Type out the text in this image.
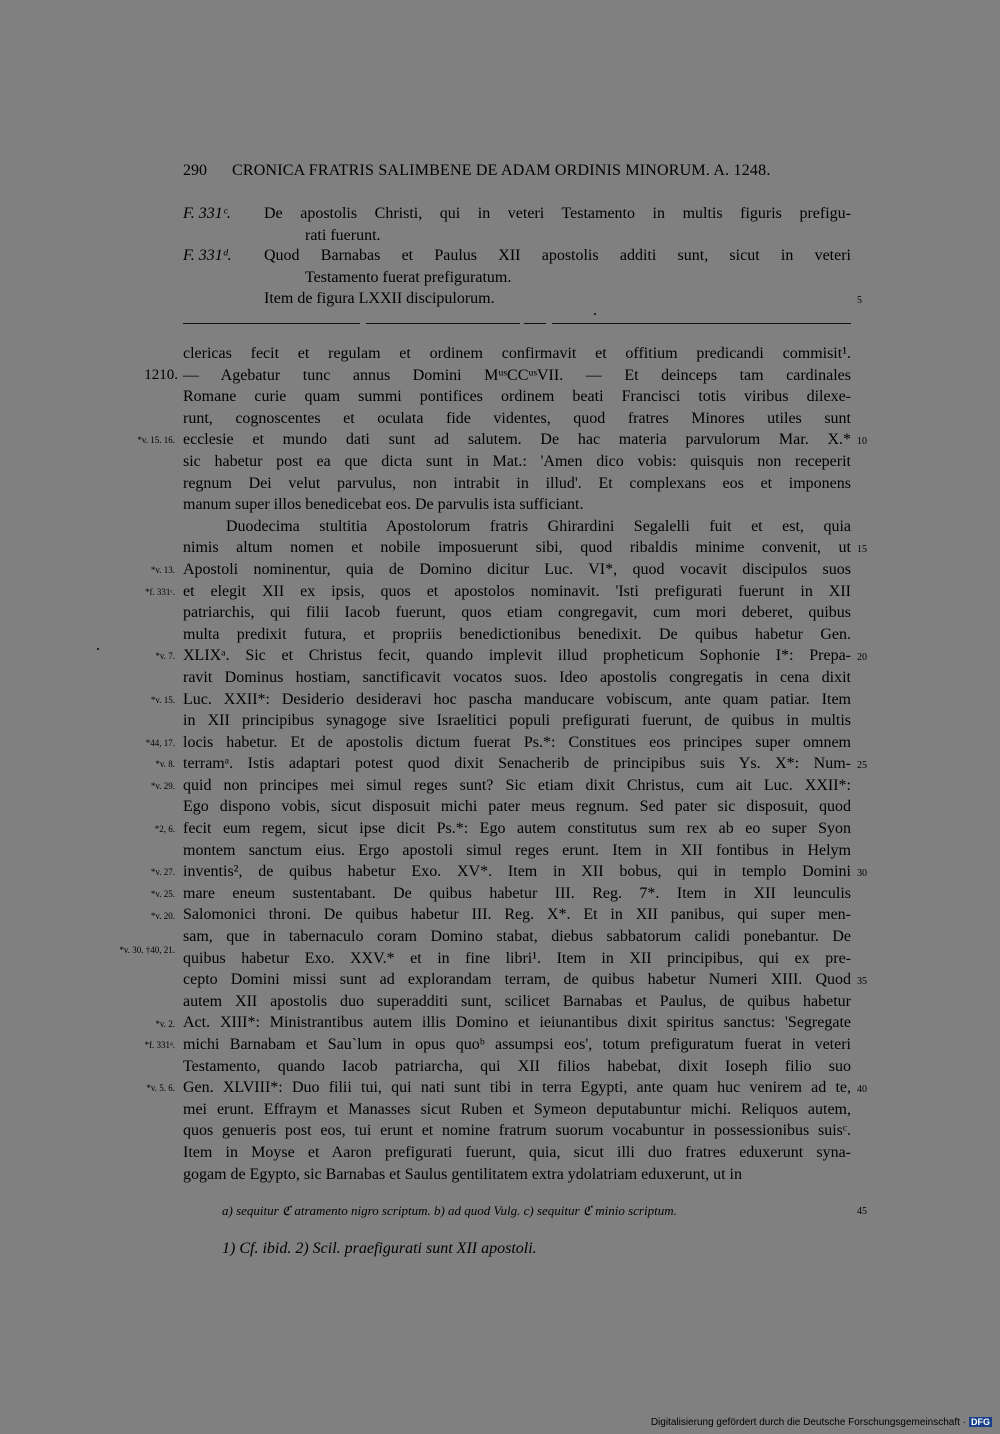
290 CRONICA FRATRIS SALIMBENE DE ADAM ORDINIS MINORUM. A. 1248.
F. 331ᶜ. De apostolis Christi, qui in veteri Testamento in multis figuris prefigu-
rati fuerunt.
F. 331ᵈ. Quod Barnabas et Paulus XII apostolis additi sunt, sicut in veteri
Testamento fuerat prefiguratum.
Item de figura LXXII discipulorum.	5
clericas fecit et regulam et ordinem confirmavit et offitium predicandi commisit¹.
— Agebatur tunc annus Domini MᵘˢCCᵘˢVII. — Et deinceps tam cardinales
Romane curie quam summi pontifices ordinem beati Francisci totis viribus dilexe-
runt, cognoscentes et oculata fide videntes, quod fratres Minores utiles sunt
ecclesie et mundo dati sunt ad salutem. De hac materia parvulorum Mar. X.*
sic habetur post ea que dicta sunt in Mat.: 'Amen dico vobis: quisquis non receperit
regnum Dei velut parvulus, non intrabit in illud'. Et complexans eos et imponens
manum super illos benedicebat eos. De parvulis ista sufficiant.
Duodecima stultitia Apostolorum fratris Ghirardini Segalelli fuit et est, quia
nimis altum nomen et nobile imposuerunt sibi, quod ribaldis minime convenit, ut
Apostoli nominentur, quia de Domino dicitur Luc. VI*, quod vocavit discipulos suos
et elegit XII ex ipsis, quos et apostolos nominavit. 'Isti prefigurati fuerunt in XII
patriarchis, qui filii Iacob fuerunt, quos etiam congregavit, cum mori deberet, quibus
multa predixit futura, et propriis benedictionibus benedixit. De quibus habetur Gen.
XLIXᵃ. Sic et Christus fecit, quando implevit illud propheticum Sophonie I*: Prepa-
ravit Dominus hostiam, sanctificavit vocatos suos. Ideo apostolis congregatis in cena dixit
Luc. XXII*: Desiderio desideravi hoc pascha manducare vobiscum, ante quam patiar. Item
in XII principibus synagoge sive Israelitici populi prefigurati fuerunt, de quibus in multis
locis habetur. Et de apostolis dictum fuerat Ps.*: Constitues eos principes super omnem
terramᵃ. Istis adaptari potest quod dixit Senacherib de principibus suis Ys. X*: Num-
quid non principes mei simul reges sunt? Sic etiam dixit Christus, cum ait Luc. XXII*:
Ego dispono vobis, sicut disposuit michi pater meus regnum. Sed pater sic disposuit, quod
fecit eum regem, sicut ipse dicit Ps.*: Ego autem constitutus sum rex ab eo super Syon
montem sanctum eius. Ergo apostoli simul reges erunt. Item in XII fontibus in Helym
inventis², de quibus habetur Exo. XV*. Item in XII bobus, qui in templo Domini
mare eneum sustentabant. De quibus habetur III. Reg. 7*. Item in XII leunculis
Salomonici throni. De quibus habetur III. Reg. X*. Et in XII panibus, qui super men-
sam, que in tabernaculo coram Domino stabat, diebus sabbatorum calidi ponebantur. De
quibus habetur Exo. XXV.* et in fine libri¹. Item in XII principibus, qui ex pre-
cepto Domini missi sunt ad explorandam terram, de quibus habetur Numeri XIII. Quod
autem XII apostolis duo superadditi sunt, scilicet Barnabas et Paulus, de quibus habetur
Act. XIII*: Ministrantibus autem illis Domino et ieiunantibus dixit spiritus sanctus: 'Segregate
michi Barnabam et Sau`lum in opus quoᵇ assumpsi eos', totum prefiguratum fuerat in veteri
Testamento, quando Iacob patriarcha, qui XII filios habebat, dixit Ioseph filio suo
Gen. XLVIII*: Duo filii tui, qui nati sunt tibi in terra Egypti, ante quam huc venirem ad te,
mei erunt. Effraym et Manasses sicut Ruben et Symeon deputabuntur michi. Reliquos autem,
quos genueris post eos, tui erunt et nomine fratrum suorum vocabuntur in possessionibus suisᶜ.
Item in Moyse et Aaron prefigurati fuerunt, quia, sicut illi duo fratres eduxerunt syna-
gogam de Egypto, sic Barnabas et Saulus gentilitatem extra ydolatriam eduxerunt, ut in
1210.
*v. 15. 16.
*v. 13.
*f. 331ᶜ.
*v. 7.
*v. 15.
*44, 17.
*v. 8.
*v. 29.
*2, 6.
*v. 27.
*v. 25.
*v. 20.
*v. 30. †40, 21.
*v. 2.
*f. 331ᵈ.
*v. 5. 6.
10
15
20
25
30
35
40
a) sequitur ℭ atramento nigro scriptum. b) ad quod Vulg. c) sequitur ℭ minio scriptum.	45
1) Cf. ibid. 2) Scil. praefigurati sunt XII apostoli.
Digitalisierung gefördert durch die Deutsche Forschungsgemeinschaft · DFG
